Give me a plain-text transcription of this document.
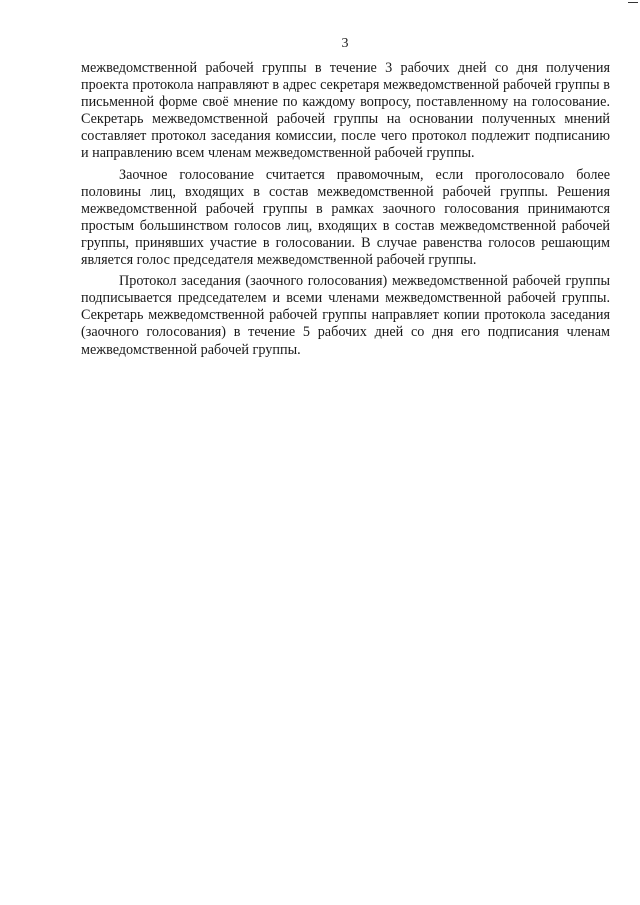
3

межведомственной рабочей группы в течение 3 рабочих дней со дня получения проекта протокола направляют в адрес секретаря межведомственной рабочей группы в письменной форме своё мнение по каждому вопросу, поставленному на голосование. Секретарь межведомственной рабочей группы на основании полученных мнений составляет протокол заседания комиссии, после чего протокол подлежит подписанию и направлению всем членам межведомственной рабочей группы.

Заочное голосование считается правомочным, если проголосовало более половины лиц, входящих в состав межведомственной рабочей группы. Решения межведомственной рабочей группы в рамках заочного голосования принимаются простым большинством голосов лиц, входящих в состав межведомственной рабочей группы, принявших участие в голосовании. В случае равенства голосов решающим является голос председателя межведомственной рабочей группы.

Протокол заседания (заочного голосования) межведомственной рабочей группы подписывается председателем и всеми членами межведомственной рабочей группы. Секретарь межведомственной рабочей группы направляет копии протокола заседания (заочного голосования) в течение 5 рабочих дней со дня его подписания членам межведомственной рабочей группы.
